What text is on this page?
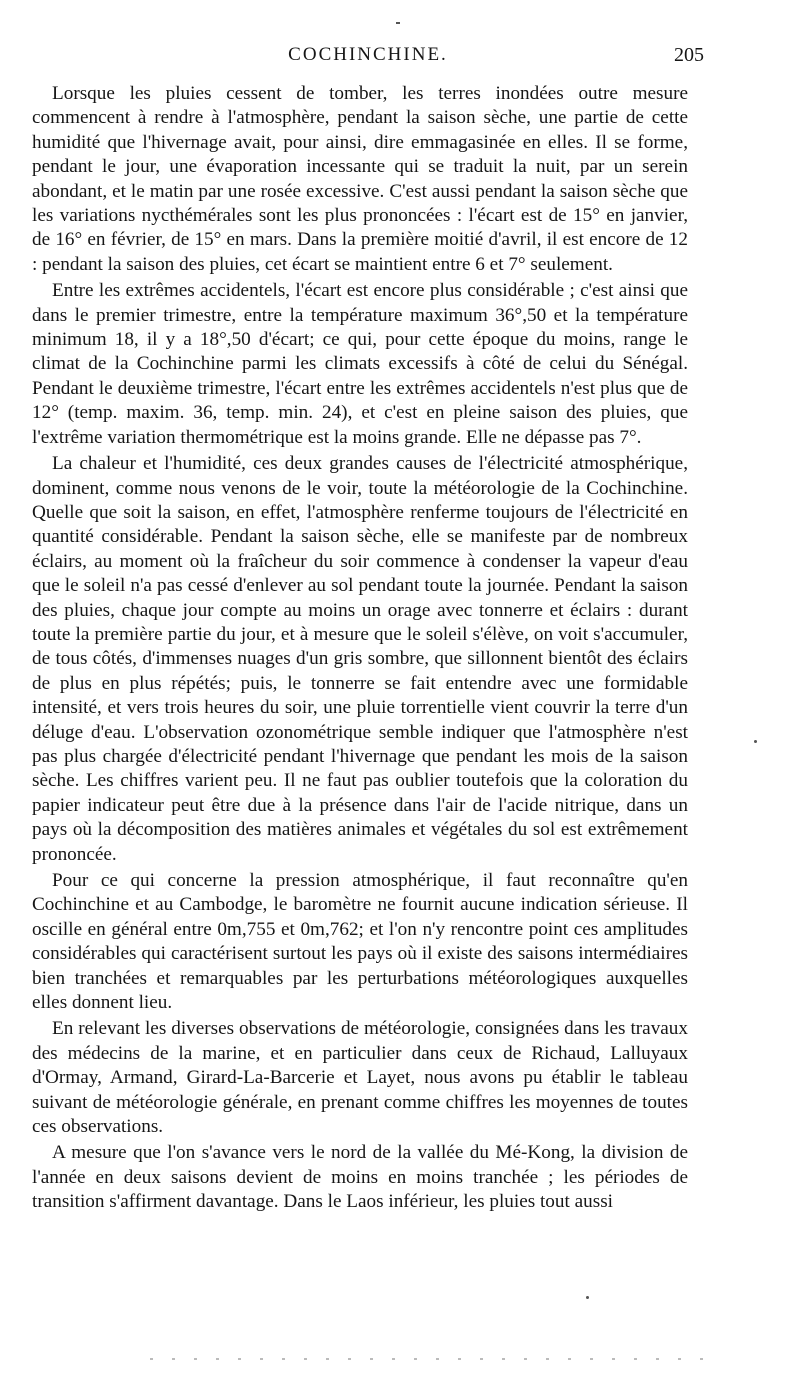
COCHINCHINE.	205

Lorsque les pluies cessent de tomber, les terres inondées outre mesure commencent à rendre à l'atmosphère, pendant la saison sèche, une partie de cette humidité que l'hivernage avait, pour ainsi, dire emmagasinée en elles. Il se forme, pendant le jour, une évaporation incessante qui se traduit la nuit, par un serein abondant, et le matin par une rosée excessive. C'est aussi pendant la saison sèche que les variations nycthémérales sont les plus prononcées : l'écart est de 15° en janvier, de 16° en février, de 15° en mars. Dans la première moitié d'avril, il est encore de 12 : pendant la saison des pluies, cet écart se maintient entre 6 et 7° seulement.

Entre les extrêmes accidentels, l'écart est encore plus considérable ; c'est ainsi que dans le premier trimestre, entre la température maximum 36°,50 et la température minimum 18, il y a 18°,50 d'écart; ce qui, pour cette époque du moins, range le climat de la Cochinchine parmi les climats excessifs à côté de celui du Sénégal. Pendant le deuxième trimestre, l'écart entre les extrêmes accidentels n'est plus que de 12° (temp. maxim. 36, temp. min. 24), et c'est en pleine saison des pluies, que l'extrême variation thermométrique est la moins grande. Elle ne dépasse pas 7°.

La chaleur et l'humidité, ces deux grandes causes de l'électricité atmosphérique, dominent, comme nous venons de le voir, toute la météorologie de la Cochinchine. Quelle que soit la saison, en effet, l'atmosphère renferme toujours de l'électricité en quantité considérable. Pendant la saison sèche, elle se manifeste par de nombreux éclairs, au moment où la fraîcheur du soir commence à condenser la vapeur d'eau que le soleil n'a pas cessé d'enlever au sol pendant toute la journée. Pendant la saison des pluies, chaque jour compte au moins un orage avec tonnerre et éclairs : durant toute la première partie du jour, et à mesure que le soleil s'élève, on voit s'accumuler, de tous côtés, d'immenses nuages d'un gris sombre, que sillonnent bientôt des éclairs de plus en plus répétés; puis, le tonnerre se fait entendre avec une formidable intensité, et vers trois heures du soir, une pluie torrentielle vient couvrir la terre d'un déluge d'eau. L'observation ozonométrique semble indiquer que l'atmosphère n'est pas plus chargée d'électricité pendant l'hivernage que pendant les mois de la saison sèche. Les chiffres varient peu. Il ne faut pas oublier toutefois que la coloration du papier indicateur peut être due à la présence dans l'air de l'acide nitrique, dans un pays où la décomposition des matières animales et végétales du sol est extrêmement prononcée.

Pour ce qui concerne la pression atmosphérique, il faut reconnaître qu'en Cochinchine et au Cambodge, le baromètre ne fournit aucune indication sérieuse. Il oscille en général entre 0m,755 et 0m,762; et l'on n'y rencontre point ces amplitudes considérables qui caractérisent surtout les pays où il existe des saisons intermédiaires bien tranchées et remarquables par les perturbations météorologiques auxquelles elles donnent lieu.

En relevant les diverses observations de météorologie, consignées dans les travaux des médecins de la marine, et en particulier dans ceux de Richaud, Lalluyaux d'Ormay, Armand, Girard-La-Barcerie et Layet, nous avons pu établir le tableau suivant de météorologie générale, en prenant comme chiffres les moyennes de toutes ces observations.

A mesure que l'on s'avance vers le nord de la vallée du Mé-Kong, la division de l'année en deux saisons devient de moins en moins tranchée ; les périodes de transition s'affirment davantage. Dans le Laos inférieur, les pluies tout aussi
